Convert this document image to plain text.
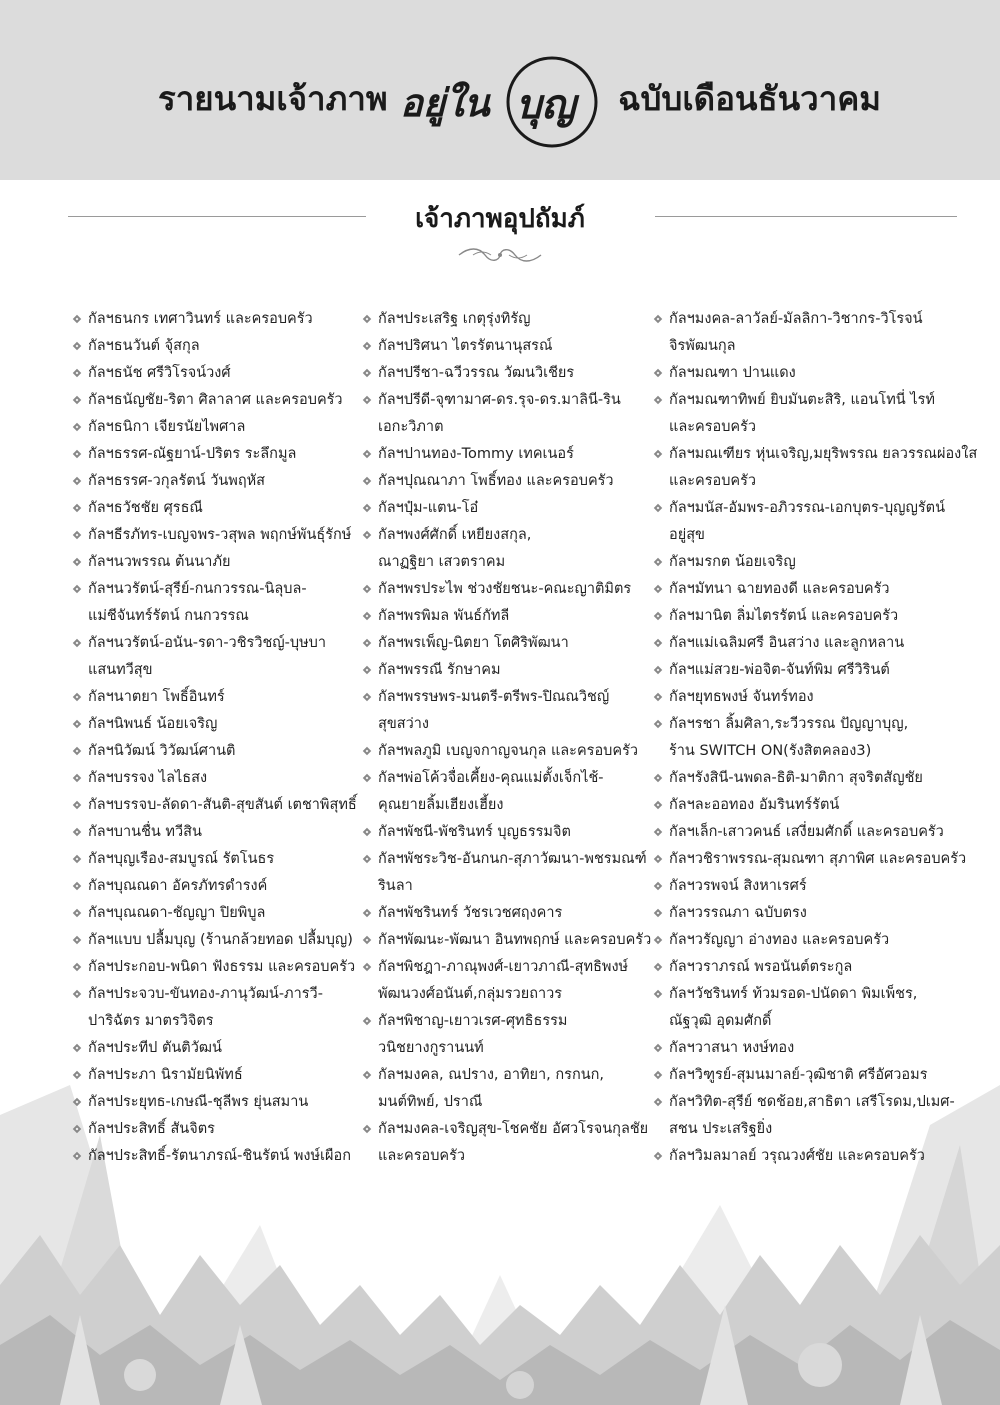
รายนามเจ้าภาพ อยู่ใน บุญ ฉบับเดือนธันวาคม
เจ้าภาพอุปถัมภ์
กัลฯธนกร เทศาวินทร์ และครอบครัว
กัลฯธนวันต์ จุ้สกุล
กัลฯธนัช ศรีวิโรจน์วงศ์
กัลฯธนัญชัย-ริตา ศิลาลาศ และครอบครัว
กัลฯธนิกา เจียรนัยไพศาล
กัลฯธรรศ-ณัฐยาน์-ปริตร ระลึกมูล
กัลฯธรรศ-วกุลรัตน์ วันพฤหัส
กัลฯธวัชชัย ศุรธณี
กัลฯธีรภัทร-เบญจพร-วสุพล พฤกษ์พันธุ์รักษ์
กัลฯนวพรรณ ต้นนาภัย
กัลฯนวรัตน์-สุรีย์-กนกวรรณ-นิลุบล-
แม่ชีจันทร์รัตน์ กนกวรรณ
กัลฯนวรัตน์-อนัน-รดา-วชิรวิชญ์-บุษบา
แสนทวีสุข
กัลฯนาตยา โพธิ์อินทร์
กัลฯนิพนธ์ น้อยเจริญ
กัลฯนิวัฒน์ วิวัฒน์ศานติ
กัลฯบรรจง ไลไธสง
กัลฯบรรจบ-ลัดดา-สันติ-สุขสันต์ เตชาพิสุทธิ์
กัลฯบานชื่น ทวีสิน
กัลฯบุญเรือง-สมบูรณ์ รัตโนธร
กัลฯบุณณดา อัครภัทรดำรงค์
กัลฯบุณณดา-ชัญญา ปิยพิบูล
กัลฯแบบ ปลื้มบุญ (ร้านกล้วยทอด ปลื้มบุญ)
กัลฯประกอบ-พนิดา ฟังธรรม และครอบครัว
กัลฯประจวบ-ขันทอง-ภานุวัฒน์-ภารวี-
ปาริฉัตร มาตรวิจิตร
กัลฯประทีป ตันติวัฒน์
กัลฯประภา นิรามัยนิพัทธ์
กัลฯประยุทธ-เกษณี-ชุลีพร ยุ่นสมาน
กัลฯประสิทธิ์ สันจิตร
กัลฯประสิทธิ์-รัตนาภรณ์-ชินรัตน์ พงษ์เผือก
กัลฯประเสริฐ เกตุรุ่งทิรัญ
กัลฯปริศนา ไตรรัตนานุสรณ์
กัลฯปรีชา-ฉวีวรรณ วัฒนวิเชียร
กัลฯปรีดี-จุฑามาศ-ดร.รุจ-ดร.มาลินี-ริน
เอกะวิภาต
กัลฯปานทอง-Tommy เทคเนอร์
กัลฯปุณณาภา โพธิ์ทอง และครอบครัว
กัลฯปุ๋ม-แตน-โอ๋
กัลฯพงศ์ศักดิ์ เหยียงสกุล,
ณาฏฐิยา เสวตราคม
กัลฯพรประไพ ช่วงชัยชนะ-คณะญาติมิตร
กัลฯพรพิมล พันธ์กัทลี
กัลฯพรเพ็ญ-นิตยา โตศิริพัฒนา
กัลฯพรรณี รักษาคม
กัลฯพรรษพร-มนตรี-ตรีพร-ปิณณวิชญ์
สุขสว่าง
กัลฯพลภูมิ เบญจกาญจนกุล และครอบครัว
กัลฯพ่อโค้วจื่อเคี้ยง-คุณแม่ตั้งเจ็กไช้-
คุณยายลิ้มเฮียงเฮี้ยง
กัลฯพัชนี-พัชรินทร์ บุญธรรมจิต
กัลฯพัชระวิช-อันกนก-สุภาวัฒนา-พชรมณฑ์
รินลา
กัลฯพัชรินทร์ วัชรเวชศฤงคาร
กัลฯพัฒนะ-พัฒนา อินทพฤกษ์ และครอบครัว
กัลฯพิชฎา-ภาณุพงศ์-เยาวภาณี-สุทธิพงษ์
พัฒนวงศ์อนันต์,กลุ่มรวยถาวร
กัลฯพิชาญ-เยาวเรศ-ศุทธิธรรม
วนิชยางกูรานนท์
กัลฯมงคล, ณปราง, อาทิยา, กรกนก,
มนต์ทิพย์, ปราณี
กัลฯมงคล-เจริญสุข-โชคชัย อัศวโรจนกุลชัย
และครอบครัว
กัลฯมงคล-ลาวัลย์-มัลลิกา-วิชากร-วิโรจน์
จิรพัฒนกุล
กัลฯมณฑา ปานแดง
กัลฯมณฑาทิพย์ ยิบมันตะสิริ, แอนโทนี่ ไรท์
และครอบครัว
กัลฯมณเฑียร หุ่นเจริญ,มยุริพรรณ ยลวรรณผ่องใส
และครอบครัว
กัลฯมนัส-อัมพร-อภิวรรณ-เอกบุตร-บุญญรัตน์
อยู่สุข
กัลฯมรกต น้อยเจริญ
กัลฯมัทนา ฉายทองดี และครอบครัว
กัลฯมานิต ลิ่มไตรรัตน์ และครอบครัว
กัลฯแม่เฉลิมศรี อินสว่าง และลูกหลาน
กัลฯแม่สวย-พ่อจิต-จันท์พิม ศรีวิรินต์
กัลฯยุทธพงษ์ จันทร์ทอง
กัลฯรชา ลิ้มศิลา,ระวีวรรณ ปัญญาบุญ,
ร้าน SWITCH ON(รังสิตคลอง3)
กัลฯรังสินี-นพดล-ธิติ-มาติกา สุจริตสัญชัย
กัลฯละออทอง อัมรินทร์รัตน์
กัลฯเล็ก-เสาวคนธ์ เสงี่ยมศักดิ์ และครอบครัว
กัลฯวชิราพรรณ-สุมณฑา สุภาพิศ และครอบครัว
กัลฯวรพจน์ สิงหาเรศร์
กัลฯวรรณภา ฉบับตรง
กัลฯวรัญญา อ่างทอง และครอบครัว
กัลฯวราภรณ์ พรอนันต์ตระกูล
กัลฯวัชรินทร์ ท้วมรอด-ปนัดดา พิมเพ็ชร,
ณัฐวุฒิ อุดมศักดิ์
กัลฯวาสนา หงษ์ทอง
กัลฯวิฑูรย์-สุมนมาลย์-วุฒิชาติ ศรีอัศวอมร
กัลฯวิทิต-สุรีย์ ชดช้อย,สาธิตา เสรีโรดม,ปเมศ-
สชน ประเสริฐยิ่ง
กัลฯวิมลมาลย์ วรุณวงศ์ชัย และครอบครัว
